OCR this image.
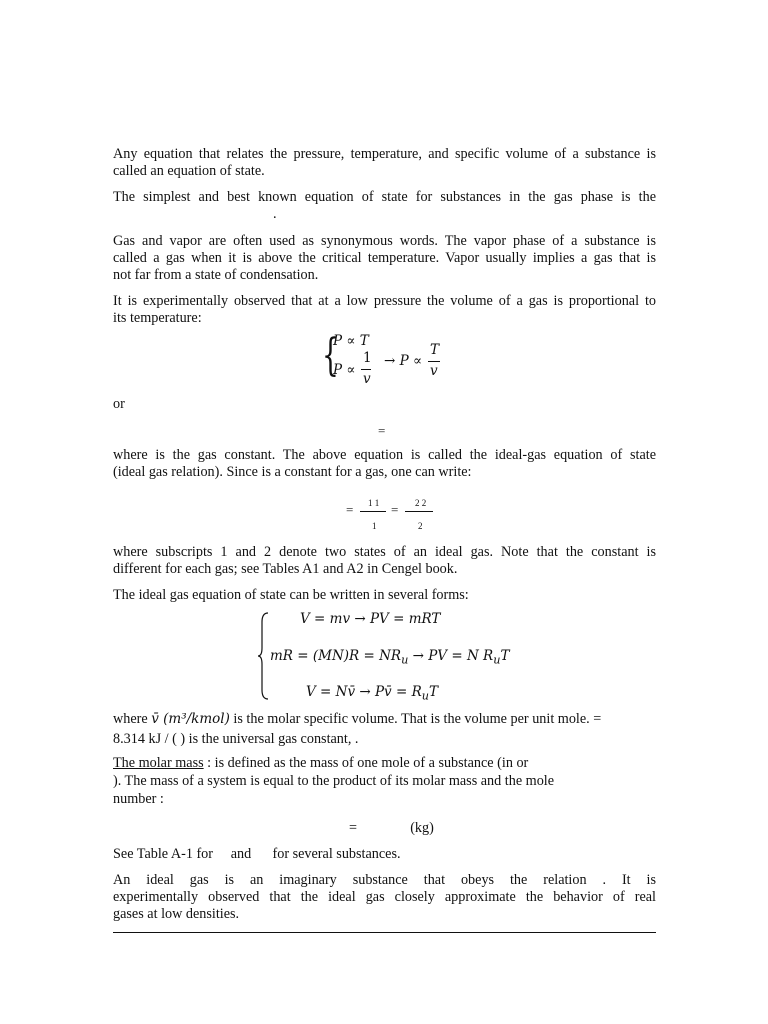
Any equation that relates the pressure, temperature, and specific volume of a substance is
called an equation of state.

The simplest and best known equation of state for substances in the gas phase is the
.

Gas and vapor are often used as synonymous words. The vapor phase of a substance is
called a gas when it is above the critical temperature. Vapor usually implies a gas that is
not far from a state of condensation.

It is experimentally observed that at a low pressure the volume of a gas is proportional to
its temperature:

{
P ∝ T
P ∝
1
v
→ P ∝
T
v

or

=

where is the gas constant. The above equation is called the ideal-gas equation of state
(ideal gas relation). Since is a constant for a gas, one can write:

= 1 1
1
= 2 2
2

where subscripts 1 and 2 denote two states of an ideal gas. Note that the constant is
different for each gas; see Tables A1 and A2 in Cengel book.

The ideal gas equation of state can be written in several forms:

V = mv → PV = mRT
mR = $(MN)R = NR_u$ → PV = N $R_uT$
V = Nv̄ → Pv̄ = $R_uT$
where v̄ (m³/kmol) is the molar specific volume. That is the volume per unit mole. =
8.314 kJ / ( ) is the universal gas constant, .
The molar mass : is defined as the mass of one mole of a substance (in or
). The mass of a system is equal to the product of its molar mass and the mole
number :
=               (kg)
See Table A-1 for     and      for several substances.

An ideal gas is an imaginary substance that obeys the relation . It is
experimentally observed that the ideal gas closely approximate the behavior of real
gases at low densities.
